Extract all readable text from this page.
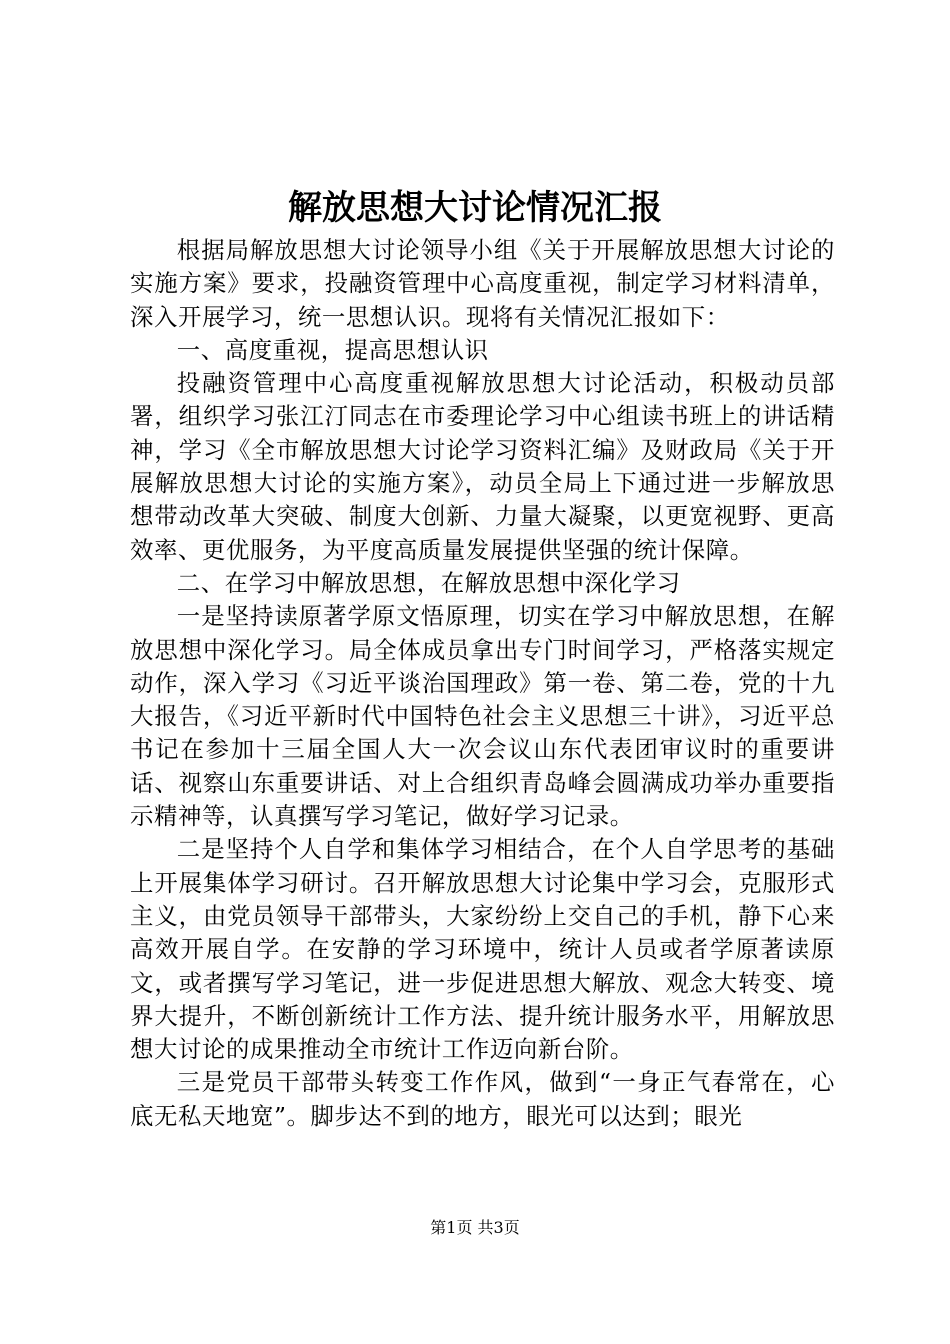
解放思想大讨论情况汇报

根据局解放思想大讨论领导小组《关于开展解放思想大讨论的实施方案》要求，投融资管理中心高度重视，制定学习材料清单，深入开展学习，统一思想认识。现将有关情况汇报如下：

一、高度重视，提高思想认识

投融资管理中心高度重视解放思想大讨论活动，积极动员部署，组织学习张江汀同志在市委理论学习中心组读书班上的讲话精神，学习《全市解放思想大讨论学习资料汇编》及财政局《关于开展解放思想大讨论的实施方案》，动员全局上下通过进一步解放思想带动改革大突破、制度大创新、力量大凝聚，以更宽视野、更高效率、更优服务，为平度高质量发展提供坚强的统计保障。

二、在学习中解放思想，在解放思想中深化学习

一是坚持读原著学原文悟原理，切实在学习中解放思想，在解放思想中深化学习。局全体成员拿出专门时间学习，严格落实规定动作，深入学习《习近平谈治国理政》第一卷、第二卷，党的十九大报告，《习近平新时代中国特色社会主义思想三十讲》，习近平总书记在参加十三届全国人大一次会议山东代表团审议时的重要讲话、视察山东重要讲话、对上合组织青岛峰会圆满成功举办重要指示精神等，认真撰写学习笔记，做好学习记录。

二是坚持个人自学和集体学习相结合，在个人自学思考的基础上开展集体学习研讨。召开解放思想大讨论集中学习会，克服形式主义，由党员领导干部带头，大家纷纷上交自己的手机，静下心来高效开展自学。在安静的学习环境中，统计人员或者学原著读原文，或者撰写学习笔记，进一步促进思想大解放、观念大转变、境界大提升，不断创新统计工作方法、提升统计服务水平，用解放思想大讨论的成果推动全市统计工作迈向新台阶。

三是党员干部带头转变工作作风，做到“一身正气春常在，心底无私天地宽”。脚步达不到的地方，眼光可以达到；眼光

第1页 共3页
